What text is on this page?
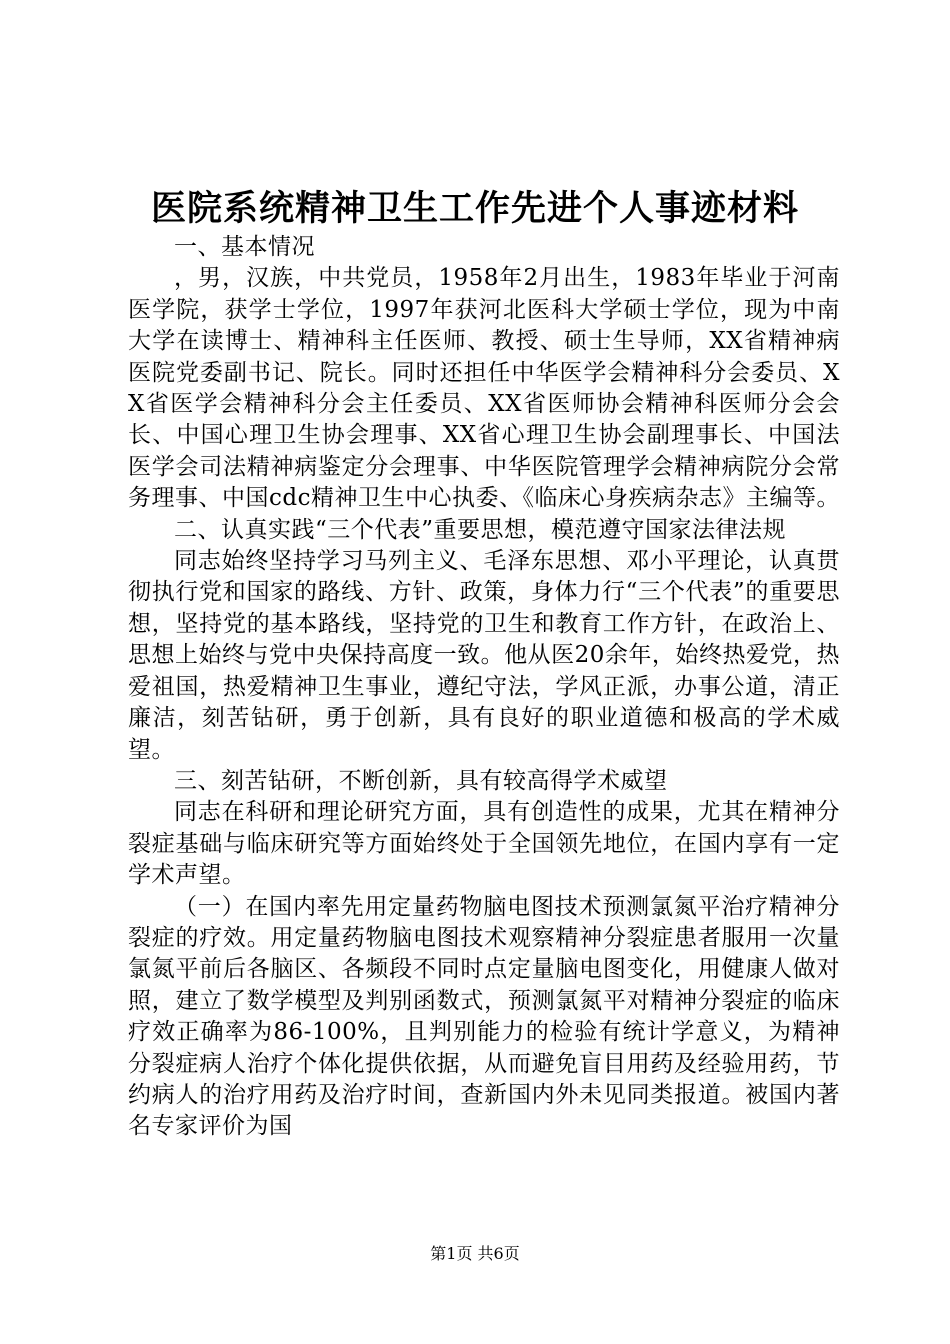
医院系统精神卫生工作先进个人事迹材料

一、基本情况

，男，汉族，中共党员，1958年2月出生，1983年毕业于河南医学院，获学士学位，1997年获河北医科大学硕士学位，现为中南大学在读博士、精神科主任医师、教授、硕士生导师，XX省精神病医院党委副书记、院长。同时还担任中华医学会精神科分会委员、XX省医学会精神科分会主任委员、XX省医师协会精神科医师分会会长、中国心理卫生协会理事、XX省心理卫生协会副理事长、中国法医学会司法精神病鉴定分会理事、中华医院管理学会精神病院分会常务理事、中国cdc精神卫生中心执委、《临床心身疾病杂志》主编等。

二、认真实践“三个代表”重要思想，模范遵守国家法律法规

同志始终坚持学习马列主义、毛泽东思想、邓小平理论，认真贯彻执行党和国家的路线、方针、政策，身体力行“三个代表”的重要思想，坚持党的基本路线，坚持党的卫生和教育工作方针，在政治上、思想上始终与党中央保持高度一致。他从医20余年，始终热爱党，热爱祖国，热爱精神卫生事业，遵纪守法，学风正派，办事公道，清正廉洁，刻苦钻研，勇于创新，具有良好的职业道德和极高的学术威望。

三、刻苦钻研，不断创新，具有较高得学术威望

同志在科研和理论研究方面，具有创造性的成果，尤其在精神分裂症基础与临床研究等方面始终处于全国领先地位，在国内享有一定学术声望。

（一）在国内率先用定量药物脑电图技术预测氯氮平治疗精神分裂症的疗效。用定量药物脑电图技术观察精神分裂症患者服用一次量氯氮平前后各脑区、各频段不同时点定量脑电图变化，用健康人做对照，建立了数学模型及判别函数式，预测氯氮平对精神分裂症的临床疗效正确率为86-100%，且判别能力的检验有统计学意义，为精神分裂症病人治疗个体化提供依据，从而避免盲目用药及经验用药，节约病人的治疗用药及治疗时间，查新国内外未见同类报道。被国内著名专家评价为国

第1页 共6页
